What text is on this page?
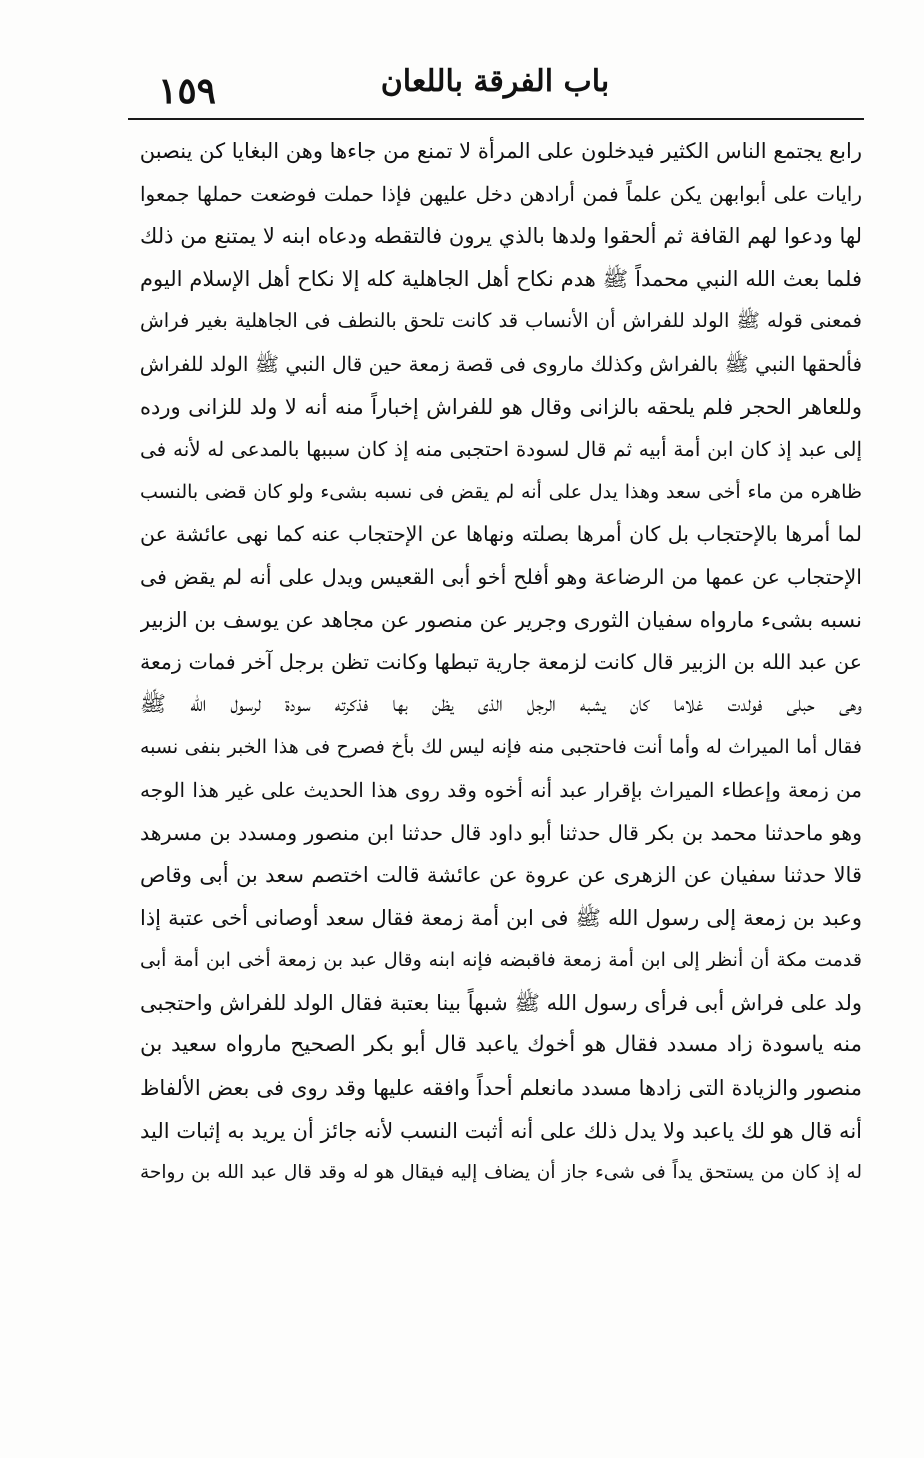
باب الفرقة باللعان
١٥٩
رابع يجتمع الناس الكثير فيدخلون على المرأة لا تمنع من جاءها وهن البغايا كن ينصبن
رايات على أبوابهن يكن علماً فمن أرادهن دخل عليهن فإذا حملت فوضعت حملها جمعوا
لها ودعوا لهم القافة ثم ألحقوا ولدها بالذي يرون فالتقطه ودعاه ابنه لا يمتنع من ذلك
فلما بعث الله النبي محمداً ﷺ هدم نكاح أهل الجاهلية كله إلا نكاح أهل الإسلام اليوم
فمعنى قوله ﷺ الولد للفراش أن الأنساب قد كانت تلحق بالنطف فى الجاهلية بغير فراش
فألحقها النبي ﷺ بالفراش وكذلك ماروى فى قصة زمعة حين قال النبي ﷺ الولد للفراش
وللعاهر الحجر فلم يلحقه بالزانى وقال هو للفراش إخباراً منه أنه لا ولد للزانى ورده
إلى عبد إذ كان ابن أمة أبيه ثم قال لسودة احتجبى منه إذ كان سببها بالمدعى له لأنه فى
ظاهره من ماء أخى سعد وهذا يدل على أنه لم يقض فى نسبه بشىء ولو كان قضى بالنسب
لما أمرها بالإحتجاب بل كان أمرها بصلته ونهاها عن الإحتجاب عنه كما نهى عائشة عن
الإحتجاب عن عمها من الرضاعة وهو أفلح أخو أبى القعيس ويدل على أنه لم يقض فى
نسبه بشىء مارواه سفيان الثورى وجرير عن منصور عن مجاهد عن يوسف بن الزبير
عن عبد الله بن الزبير قال كانت لزمعة جارية تبطها وكانت تظن برجل آخر فمات زمعة
وهى حبلى فولدت غلاما كان يشبه الرجل الذى يظن بها فذكرته سودة لرسول الله ﷺ
فقال أما الميراث له وأما أنت فاحتجبى منه فإنه ليس لك بأخ فصرح فى هذا الخبر بنفى نسبه
من زمعة وإعطاء الميراث بإقرار عبد أنه أخوه وقد روى هذا الحديث على غير هذا الوجه
وهو ماحدثنا محمد بن بكر قال حدثنا أبو داود قال حدثنا ابن منصور ومسدد بن مسرهد
قالا حدثنا سفيان عن الزهرى عن عروة عن عائشة قالت اختصم سعد بن أبى وقاص
وعبد بن زمعة إلى رسول الله ﷺ فى ابن أمة زمعة فقال سعد أوصانى أخى عتبة إذا
قدمت مكة أن أنظر إلى ابن أمة زمعة فاقبضه فإنه ابنه وقال عبد بن زمعة أخى ابن أمة أبى
ولد على فراش أبى فرأى رسول الله ﷺ شبهاً بينا بعتبة فقال الولد للفراش واحتجبى
منه ياسودة زاد مسدد فقال هو أخوك ياعبد قال أبو بكر الصحيح مارواه سعيد بن
منصور والزيادة التى زادها مسدد مانعلم أحداً وافقه عليها وقد روى فى بعض الألفاظ
أنه قال هو لك ياعبد ولا يدل ذلك على أنه أثبت النسب لأنه جائز أن يريد به إثبات اليد
له إذ كان من يستحق يداً فى شىء جاز أن يضاف إليه فيقال هو له وقد قال عبد الله بن رواحة
